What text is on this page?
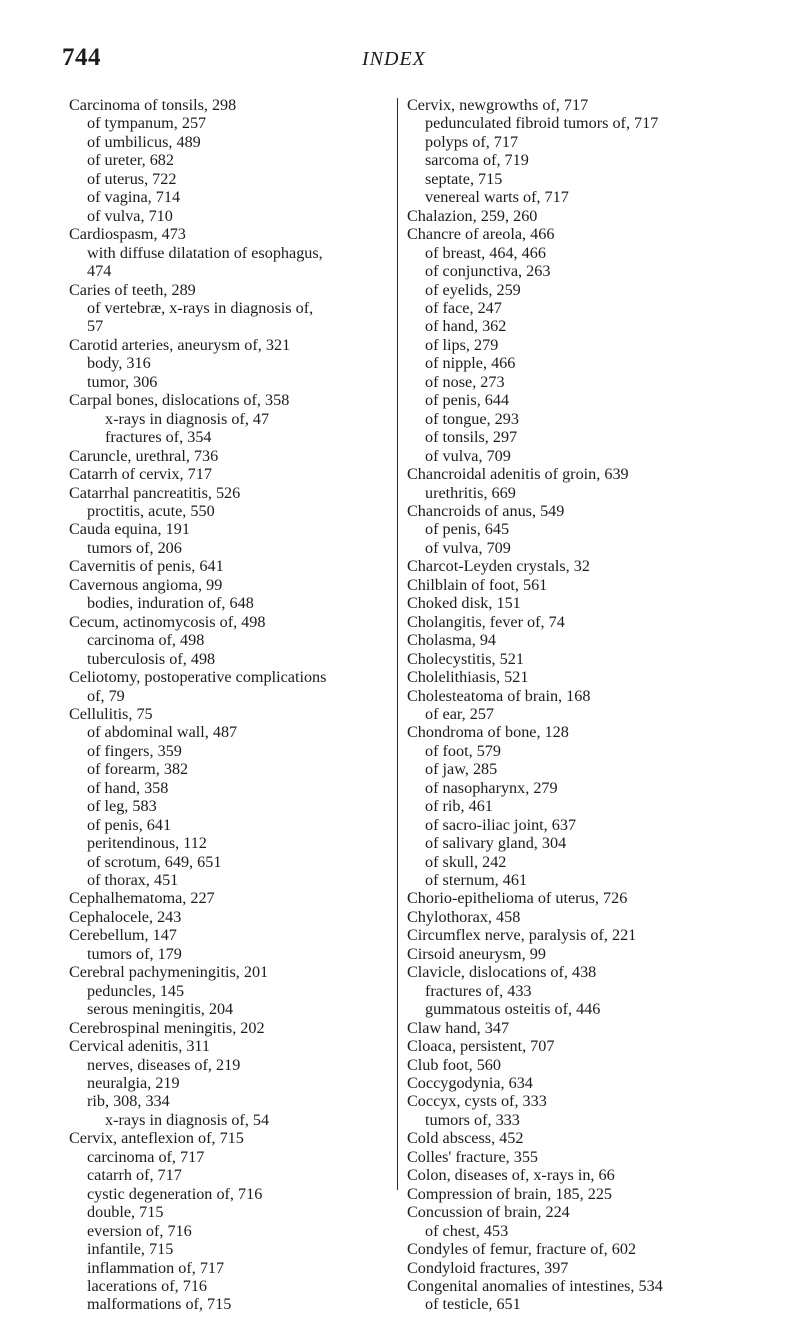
744	INDEX
Carcinoma of tonsils, 298
of tympanum, 257
of umbilicus, 489
of ureter, 682
of uterus, 722
of vagina, 714
of vulva, 710
Cardiospasm, 473
with diffuse dilatation of esophagus,
474
Caries of teeth, 289
of vertebræ, x-rays in diagnosis of,
57
Carotid arteries, aneurysm of, 321
body, 316
tumor, 306
Carpal bones, dislocations of, 358
x-rays in diagnosis of, 47
fractures of, 354
Caruncle, urethral, 736
Catarrh of cervix, 717
Catarrhal pancreatitis, 526
proctitis, acute, 550
Cauda equina, 191
tumors of, 206
Cavernitis of penis, 641
Cavernous angioma, 99
bodies, induration of, 648
Cecum, actinomycosis of, 498
carcinoma of, 498
tuberculosis of, 498
Celiotomy, postoperative complications
of, 79
Cellulitis, 75
of abdominal wall, 487
of fingers, 359
of forearm, 382
of hand, 358
of leg, 583
of penis, 641
peritendinous, 112
of scrotum, 649, 651
of thorax, 451
Cephalhematoma, 227
Cephalocele, 243
Cerebellum, 147
tumors of, 179
Cerebral pachymeningitis, 201
peduncles, 145
serous meningitis, 204
Cerebrospinal meningitis, 202
Cervical adenitis, 311
nerves, diseases of, 219
neuralgia, 219
rib, 308, 334
x-rays in diagnosis of, 54
Cervix, anteflexion of, 715
carcinoma of, 717
catarrh of, 717
cystic degeneration of, 716
double, 715
eversion of, 716
infantile, 715
inflammation of, 717
lacerations of, 716
malformations of, 715
Cervix, newgrowths of, 717
pedunculated fibroid tumors of, 717
polyps of, 717
sarcoma of, 719
septate, 715
venereal warts of, 717
Chalazion, 259, 260
Chancre of areola, 466
of breast, 464, 466
of conjunctiva, 263
of eyelids, 259
of face, 247
of hand, 362
of lips, 279
of nipple, 466
of nose, 273
of penis, 644
of tongue, 293
of tonsils, 297
of vulva, 709
Chancroidal adenitis of groin, 639
urethritis, 669
Chancroids of anus, 549
of penis, 645
of vulva, 709
Charcot-Leyden crystals, 32
Chilblain of foot, 561
Choked disk, 151
Cholangitis, fever of, 74
Cholasma, 94
Cholecystitis, 521
Cholelithiasis, 521
Cholesteatoma of brain, 168
of ear, 257
Chondroma of bone, 128
of foot, 579
of jaw, 285
of nasopharynx, 279
of rib, 461
of sacro-iliac joint, 637
of salivary gland, 304
of skull, 242
of sternum, 461
Chorio-epithelioma of uterus, 726
Chylothorax, 458
Circumflex nerve, paralysis of, 221
Cirsoid aneurysm, 99
Clavicle, dislocations of, 438
fractures of, 433
gummatous osteitis of, 446
Claw hand, 347
Cloaca, persistent, 707
Club foot, 560
Coccygodynia, 634
Coccyx, cysts of, 333
tumors of, 333
Cold abscess, 452
Colles' fracture, 355
Colon, diseases of, x-rays in, 66
Compression of brain, 185, 225
Concussion of brain, 224
of chest, 453
Condyles of femur, fracture of, 602
Condyloid fractures, 397
Congenital anomalies of intestines, 534
of testicle, 651
